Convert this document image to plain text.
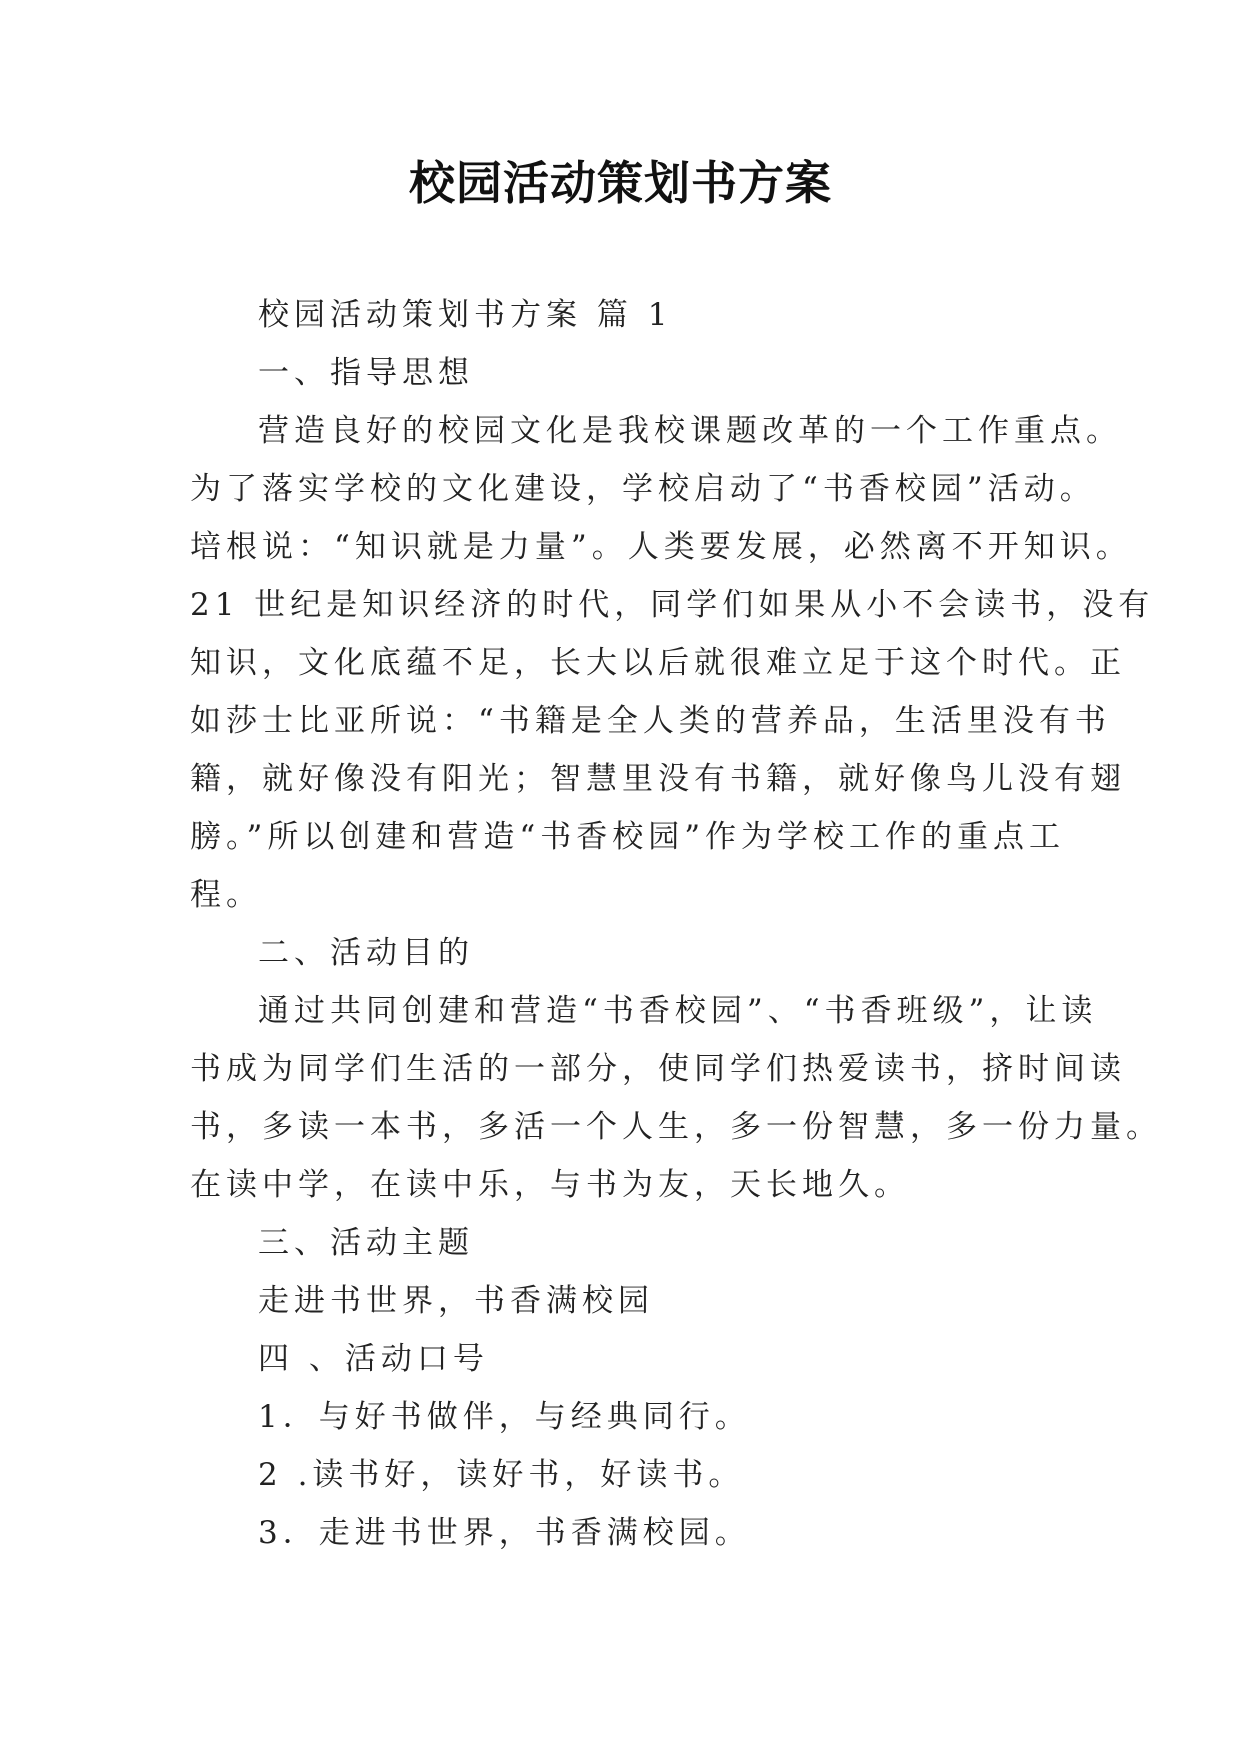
校园活动策划书方案
校园活动策划书方案 篇 1
一、指导思想
营造良好的校园文化是我校课题改革的一个工作重点。
为了落实学校的文化建设，学校启动了“书香校园”活动。
培根说：“知识就是力量”。人类要发展，必然离不开知识。
21 世纪是知识经济的时代，同学们如果从小不会读书，没有
知识，文化底蕴不足，长大以后就很难立足于这个时代。正
如莎士比亚所说：“书籍是全人类的营养品，生活里没有书
籍，就好像没有阳光；智慧里没有书籍，就好像鸟儿没有翅
膀。”所以创建和营造“书香校园”作为学校工作的重点工
程。
二、活动目的
通过共同创建和营造“书香校园”、“书香班级”，让读
书成为同学们生活的一部分，使同学们热爱读书，挤时间读
书，多读一本书，多活一个人生，多一份智慧，多一份力量。
在读中学，在读中乐，与书为友，天长地久。
三、活动主题
走进书世界，书香满校园
四 、活动口号
1．与好书做伴，与经典同行。
2 .读书好，读好书，好读书。
3．走进书世界，书香满校园。
